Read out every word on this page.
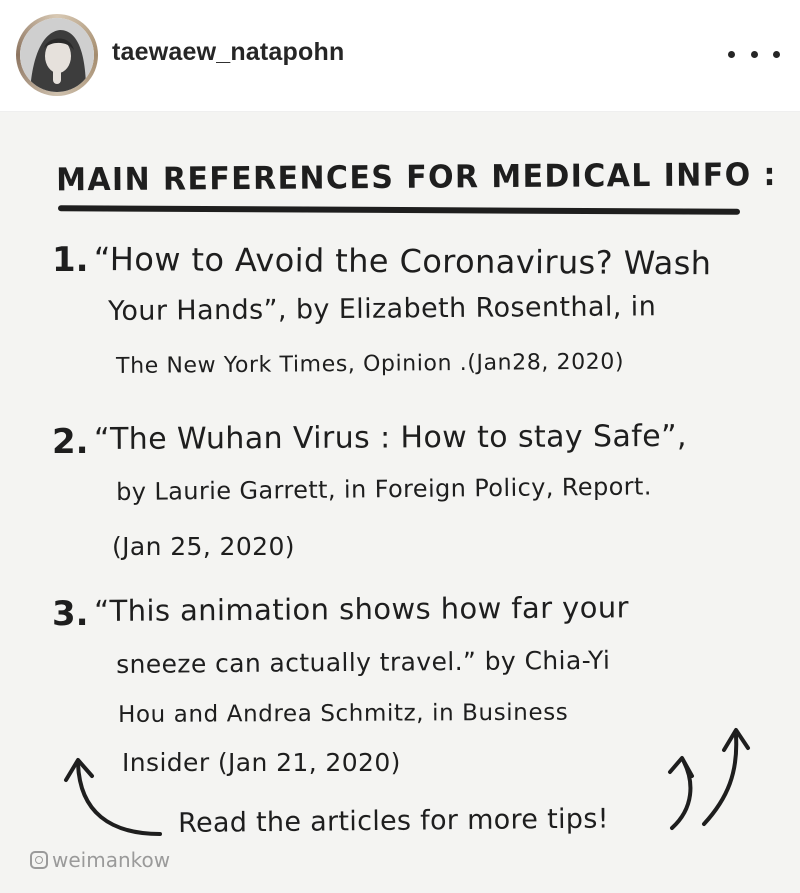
taewaew_natapohn
MAIN REFERENCES FOR MEDICAL INFO :
1. “How to Avoid the Coronavirus? Wash
Your Hands”, by Elizabeth Rosenthal, in
The New York Times, Opinion .(Jan28, 2020)
2. “The Wuhan Virus : How to stay Safe”,
by Laurie Garrett, in Foreign Policy, Report.
(Jan 25, 2020)
3. “This animation shows how far your
sneeze can actually travel.” by Chia-Yi
Hou and Andrea Schmitz, in Business
Insider (Jan 21, 2020)
Read the articles for more tips!
weimankow
